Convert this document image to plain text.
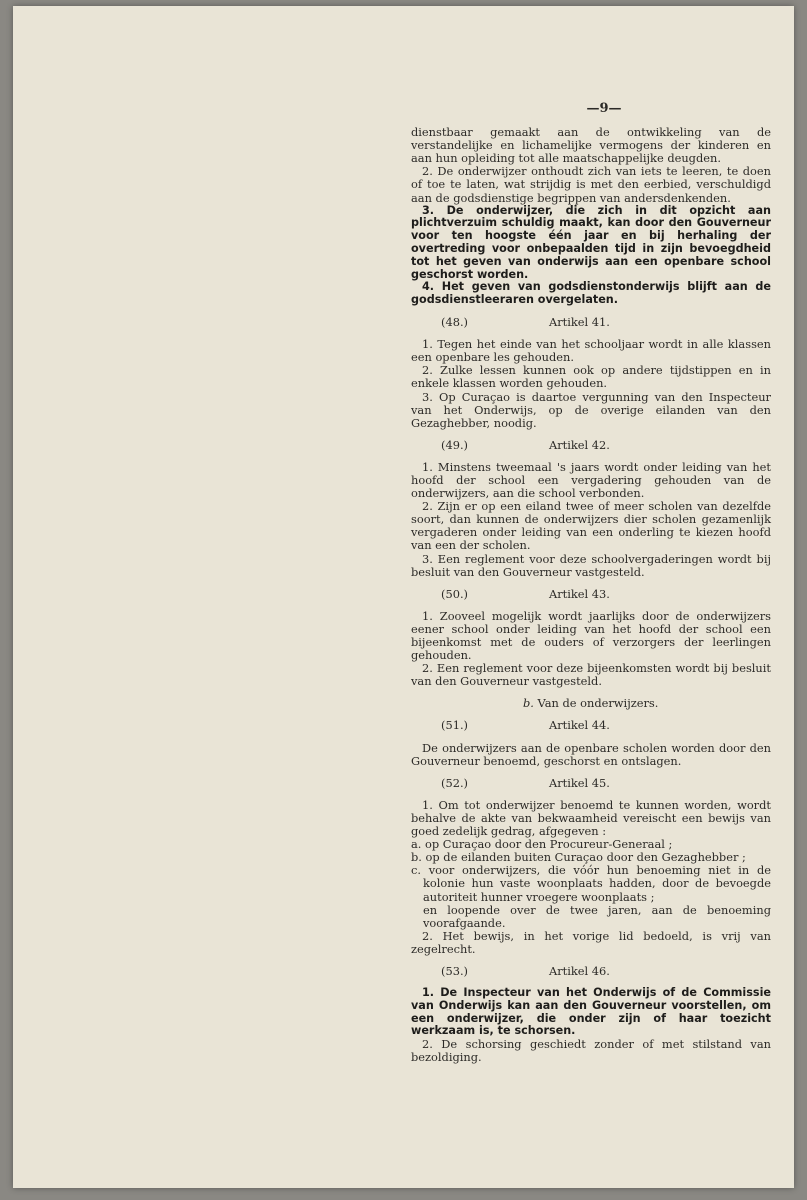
—9—

dienstbaar gemaakt aan de ontwikkeling van de verstandelijke en lichamelijke vermogens der kinderen en aan hun opleiding tot alle maatschappelijke deugden.

2. De onderwijzer onthoudt zich van iets te leeren, te doen of toe te laten, wat strijdig is met den eerbied, verschuldigd aan de godsdienstige begrippen van andersdenkenden.

3. De onderwijzer, die zich in dit opzicht aan plichtverzuim schuldig maakt, kan door den Gouverneur voor ten hoogste één jaar en bij herhaling der overtreding voor onbepaalden tijd in zijn bevoegdheid tot het geven van onderwijs aan een openbare school geschorst worden.

4. Het geven van godsdienstonderwijs blijft aan de godsdienstleeraren overgelaten.

(48.)	Artikel 41.

1. Tegen het einde van het schooljaar wordt in alle klassen een openbare les gehouden.

2. Zulke lessen kunnen ook op andere tijdstippen en in enkele klassen worden gehouden.

3. Op Curaçao is daartoe vergunning van den Inspecteur van het Onderwijs, op de overige eilanden van den Gezaghebber, noodig.

(49.)	Artikel 42.

1. Minstens tweemaal 's jaars wordt onder leiding van het hoofd der school een vergadering gehouden van de onderwijzers, aan die school verbonden.

2. Zijn er op een eiland twee of meer scholen van dezelfde soort, dan kunnen de onderwijzers dier scholen gezamenlijk vergaderen onder leiding van een onderling te kiezen hoofd van een der scholen.

3. Een reglement voor deze schoolvergaderingen wordt bij besluit van den Gouverneur vastgesteld.

(50.)	Artikel 43.

1. Zooveel mogelijk wordt jaarlijks door de onderwijzers eener school onder leiding van het hoofd der school een bijeenkomst met de ouders of verzorgers der leerlingen gehouden.

2. Een reglement voor deze bijeenkomsten wordt bij besluit van den Gouverneur vastgesteld.

b. Van de onderwijzers.
(51.)	Artikel 44.

De onderwijzers aan de openbare scholen worden door den Gouverneur benoemd, geschorst en ontslagen.

(52.)	Artikel 45.

1. Om tot onderwijzer benoemd te kunnen worden, wordt behalve de akte van bekwaamheid vereischt een bewijs van goed zedelijk gedrag, afgegeven :

a. op Curaçao door den Procureur-Generaal ;

b. op de eilanden buiten Curaçao door den Gezaghebber ;

c. voor onderwijzers, die vóór hun benoeming niet in de kolonie hun vaste woonplaats hadden, door de bevoegde autoriteit hunner vroegere woonplaats ;

en loopende over de twee jaren, aan de benoeming voorafgaande.

2. Het bewijs, in het vorige lid bedoeld, is vrij van zegelrecht.

(53.)	Artikel 46.

1. De Inspecteur van het Onderwijs of de Commissie van Onderwijs kan aan den Gouverneur voorstellen, om een onderwijzer, die onder zijn of haar toezicht werkzaam is, te schorsen.

2. De schorsing geschiedt zonder of met stilstand van bezoldiging.
